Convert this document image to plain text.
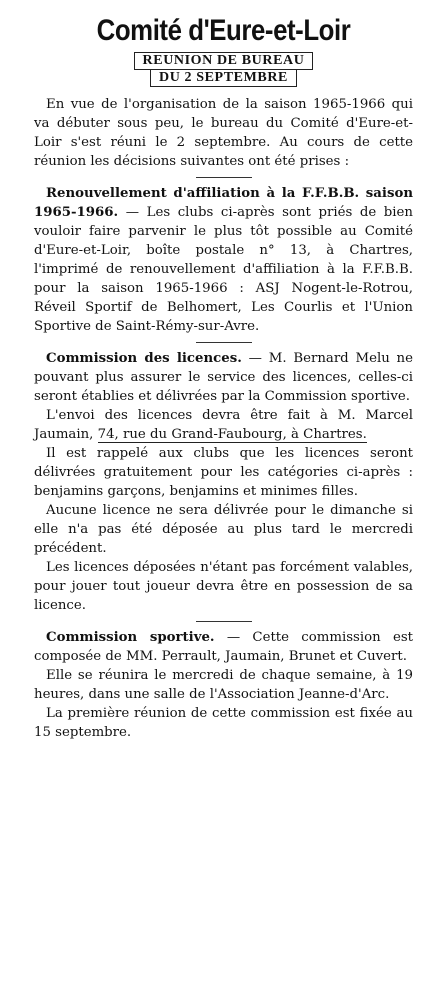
Comité d'Eure-et-Loir
REUNION DE BUREAU
DU 2 SEPTEMBRE

En vue de l'organisation de la saison 1965-1966 qui va débuter sous peu, le bureau du Comité d'Eure-et-Loir s'est réuni le 2 septembre. Au cours de cette réunion les décisions suivantes ont été prises :

Renouvellement d'affiliation à la F.F.B.B. saison 1965-1966. — Les clubs ci-après sont priés de bien vouloir faire parvenir le plus tôt possible au Comité d'Eure-et-Loir, boîte postale n° 13, à Chartres, l'imprimé de renouvellement d'affiliation à la F.F.B.B. pour la saison 1965-1966 : ASJ Nogent-le-Rotrou, Réveil Sportif de Belhomert, Les Courlis et l'Union Sportive de Saint-Rémy-sur-Avre.

Commission des licences. — M. Bernard Melu ne pouvant plus assurer le service des licences, celles-ci seront établies et délivrées par la Commission sportive.

L'envoi des licences devra être fait à M. Marcel Jaumain, 74, rue du Grand-Faubourg, à Chartres.

Il est rappelé aux clubs que les licences seront délivrées gratuitement pour les catégories ci-après : benjamins garçons, benjamins et minimes filles.

Aucune licence ne sera délivrée pour le dimanche si elle n'a pas été déposée au plus tard le mercredi précédent.

Les licences déposées n'étant pas forcément valables, pour jouer tout joueur devra être en possession de sa licence.

Commission sportive. — Cette commission est composée de MM. Perrault, Jaumain, Brunet et Cuvert.

Elle se réunira le mercredi de chaque semaine, à 19 heures, dans une salle de l'Association Jeanne-d'Arc.

La première réunion de cette commission est fixée au 15 septembre.
